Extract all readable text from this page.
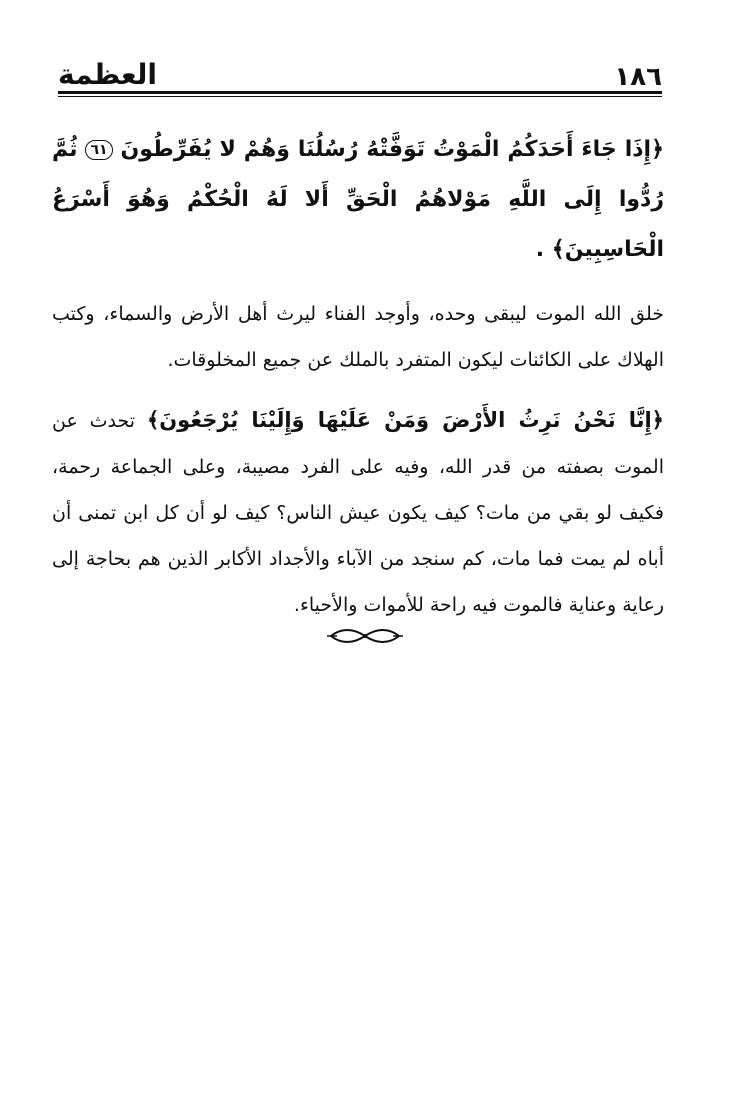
١٨٦
العظمة

﴿إِذَا جَاءَ أَحَدَكُمُ الْمَوْتُ تَوَفَّتْهُ رُسُلُنَا وَهُمْ لا يُفَرِّطُونَ ٦١ ثُمَّ رُدُّوا إِلَى اللَّهِ مَوْلاهُمُ الْحَقِّ أَلا لَهُ الْحُكْمُ وَهُوَ أَسْرَعُ الْحَاسِبِينَ﴾ .

خلق الله الموت ليبقى وحده، وأوجد الفناء ليرث أهل الأرض والسماء، وكتب الهلاك على الكائنات ليكون المتفرد بالملك عن جميع المخلوقات.

﴿إِنَّا نَحْنُ نَرِثُ الأَرْضَ وَمَنْ عَلَيْهَا وَإِلَيْنَا يُرْجَعُونَ﴾ تحدث عن الموت بصفته من قدر الله، وفيه على الفرد مصيبة، وعلى الجماعة رحمة، فكيف لو بقي من مات؟ كيف يكون عيش الناس؟ كيف لو أن كل ابن تمنى أن أباه لم يمت فما مات، كم سنجد من الآباء والأجداد الأكابر الذين هم بحاجة إلى رعاية وعناية فالموت فيه راحة للأموات والأحياء.
